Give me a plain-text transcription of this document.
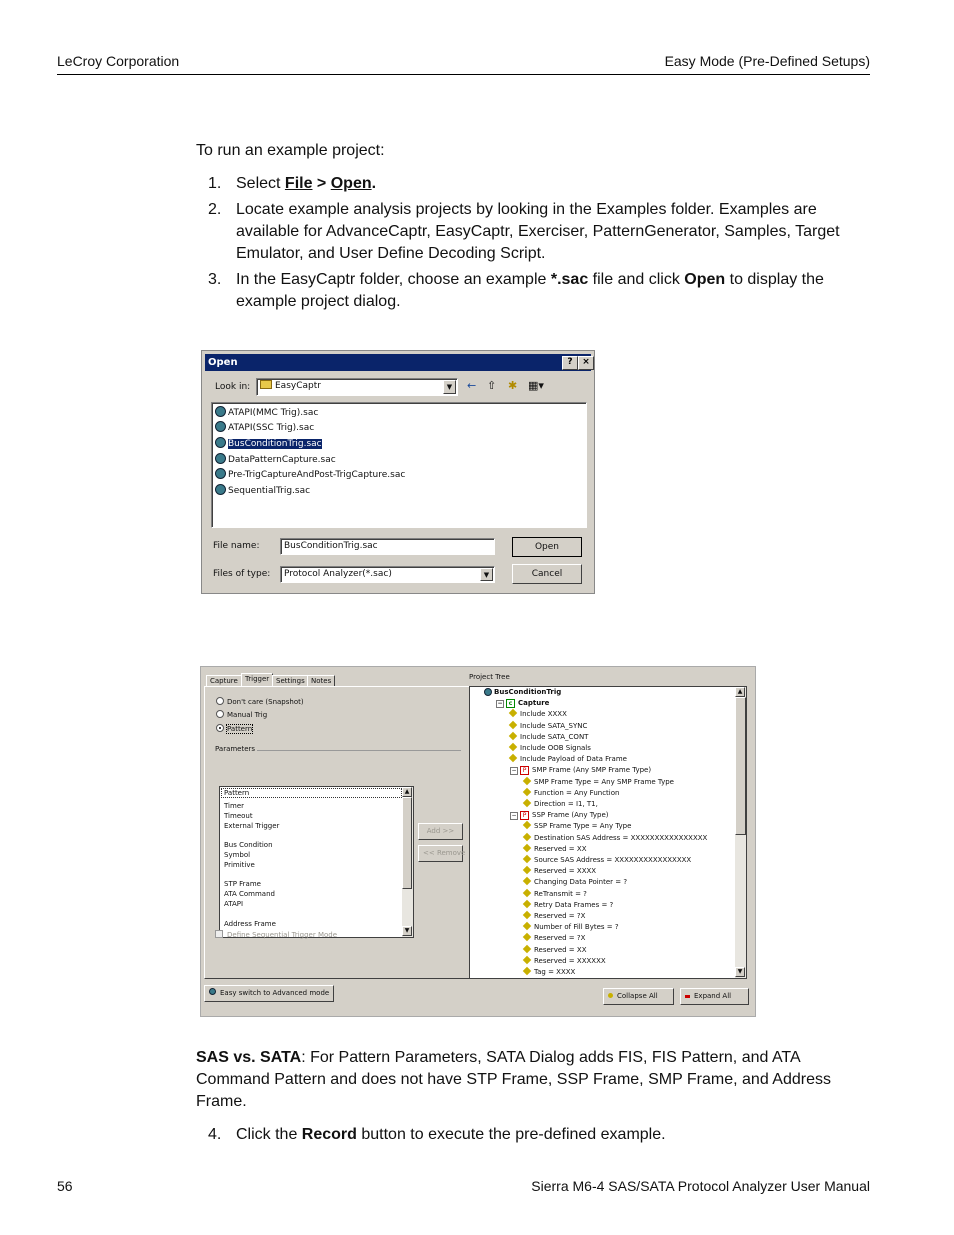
LeCroy Corporation	Easy Mode (Pre-Defined Setups)
To run an example project:
1. Select File > Open.
2. Locate example analysis projects by looking in the Examples folder. Examples are available for AdvanceCaptr, EasyCaptr, Exerciser, PatternGenerator, Samples, Target Emulator, and User Define Decoding Script.
3. In the EasyCaptr folder, choose an example *.sac file and click Open to display the example project dialog.
Open	?	×
Look in:	EasyCaptr	▼	← ⇧ ✱ ▦▾
ATAPI(MMC Trig).sac
ATAPI(SSC Trig).sac
BusConditionTrig.sac
DataPatternCapture.sac
Pre-TrigCaptureAndPost-TrigCapture.sac
SequentialTrig.sac
File name:	BusConditionTrig.sac
Files of type:	Protocol Analyzer(*.sac)	▼
Open
Cancel
Capture	Trigger Settings Notes
Don't care (Snapshot)
Manual Trig
Pattern
Parameters
Pattern
Timer
Timeout
External Trigger
Bus Condition
Symbol
Primitive
STP Frame
ATA Command
ATAPI
Address Frame
▲
▼
Add >>
<< Remove
Define Sequential Trigger Mode
Project Tree
BusConditionTrig
− c Capture
Include XXXX
Include SATA_SYNC
Include SATA_CONT
Include OOB Signals
Include Payload of Data Frame
− P SMP Frame (Any SMP Frame Type)
SMP Frame Type = Any SMP Frame Type
Function = Any Function
Direction = I1, T1,
− P SSP Frame (Any Type)
SSP Frame Type = Any Type
Destination SAS Address = XXXXXXXXXXXXXXXX
Reserved = XX
Source SAS Address = XXXXXXXXXXXXXXXX
Reserved = XXXX
Changing Data Pointer = ?
ReTransmit = ?
Retry Data Frames = ?
Reserved = ?X
Number of Fill Bytes = ?
Reserved = ?X
Reserved = XX
Reserved = XXXXXX
Tag = XXXX
▲
▼
Easy switch to Advanced mode	Collapse All	Expand All
SAS vs. SATA: For Pattern Parameters, SATA Dialog adds FIS, FIS Pattern, and ATA Command Pattern and does not have STP Frame, SSP Frame, SMP Frame, and Address Frame.
4. Click the Record button to execute the pre-defined example.
56	Sierra M6-4 SAS/SATA Protocol Analyzer User Manual
